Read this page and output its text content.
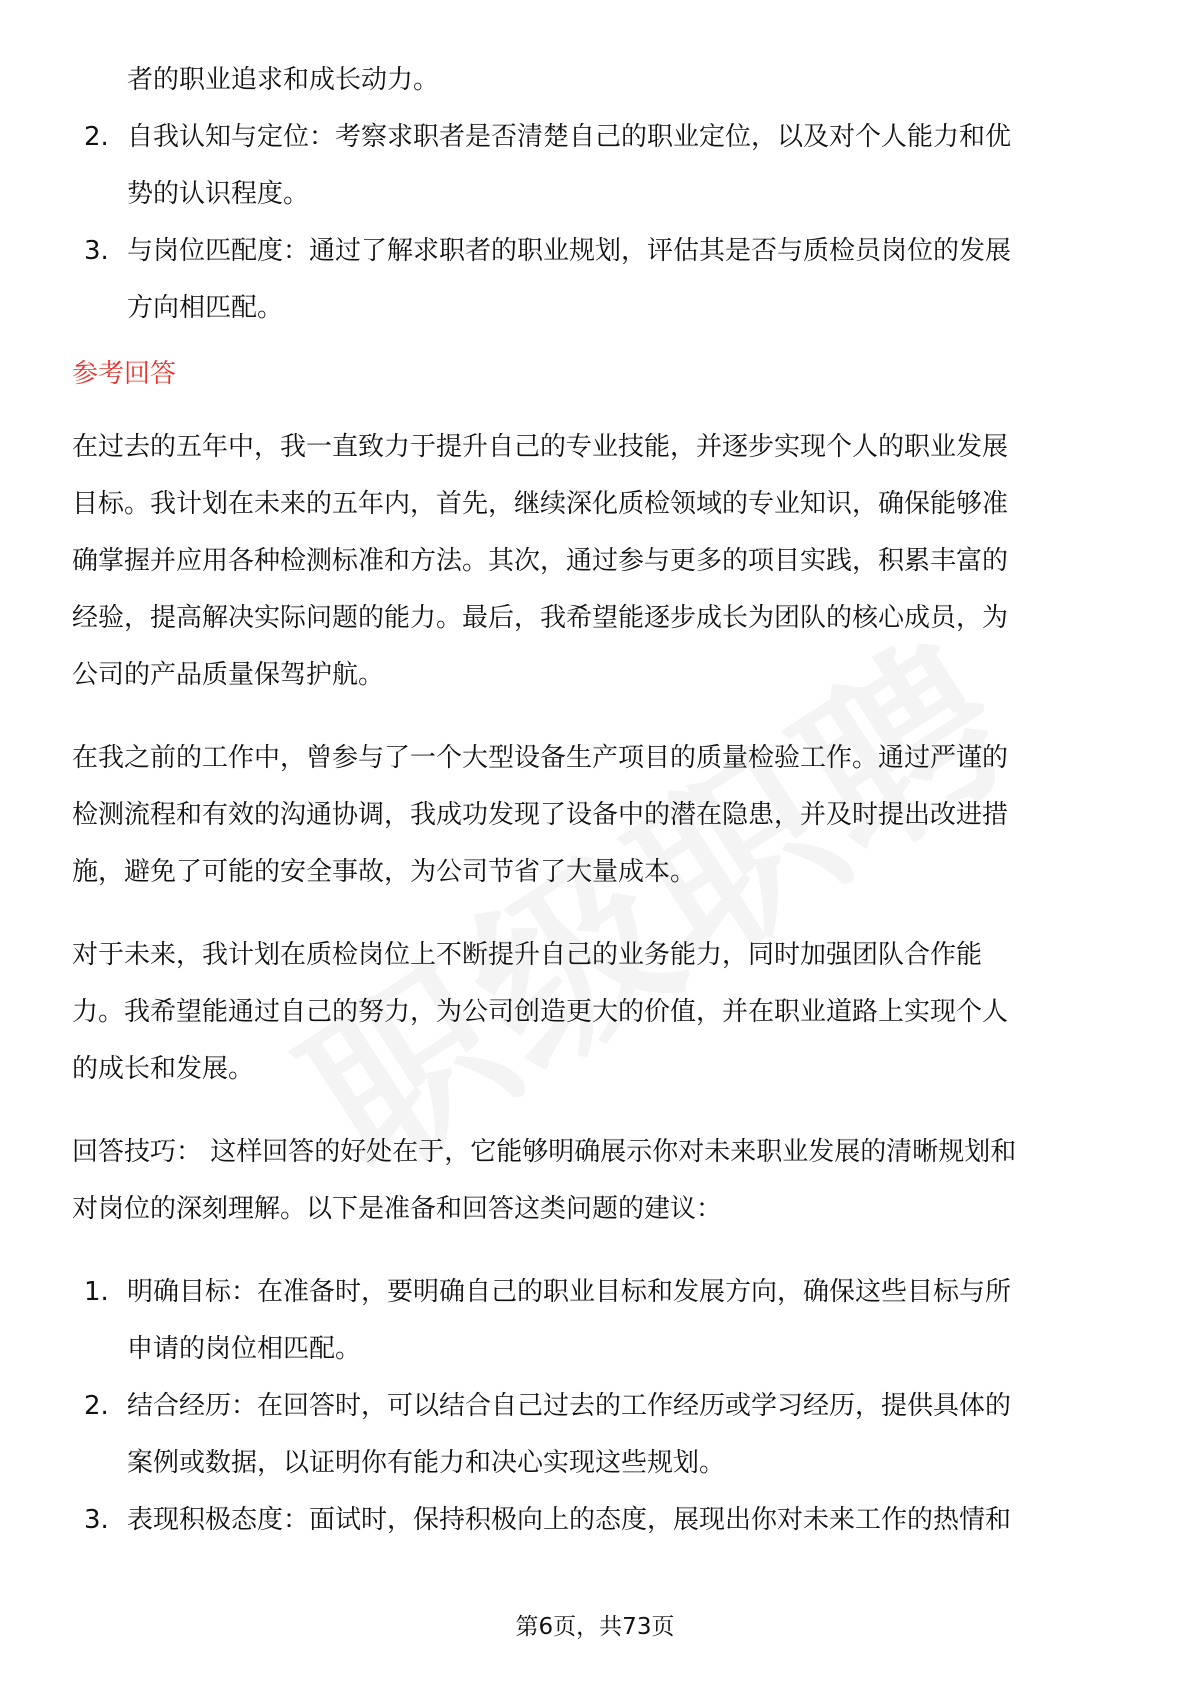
者的职业追求和成长动力。
2. 自我认知与定位：考察求职者是否清楚自己的职业定位，以及对个人能力和优
势的认识程度。
3. 与岗位匹配度：通过了解求职者的职业规划，评估其是否与质检员岗位的发展
方向相匹配。
参考回答
在过去的五年中，我一直致力于提升自己的专业技能，并逐步实现个人的职业发展
目标。我计划在未来的五年内，首先，继续深化质检领域的专业知识，确保能够准
确掌握并应用各种检测标准和方法。其次，通过参与更多的项目实践，积累丰富的
经验，提高解决实际问题的能力。最后，我希望能逐步成长为团队的核心成员，为
公司的产品质量保驾护航。
在我之前的工作中，曾参与了一个大型设备生产项目的质量检验工作。通过严谨的
检测流程和有效的沟通协调，我成功发现了设备中的潜在隐患，并及时提出改进措
施，避免了可能的安全事故，为公司节省了大量成本。
对于未来，我计划在质检岗位上不断提升自己的业务能力，同时加强团队合作能
力。我希望能通过自己的努力，为公司创造更大的价值，并在职业道路上实现个人
的成长和发展。
回答技巧： 这样回答的好处在于，它能够明确展示你对未来职业发展的清晰规划和
对岗位的深刻理解。以下是准备和回答这类问题的建议：
1. 明确目标：在准备时，要明确自己的职业目标和发展方向，确保这些目标与所
申请的岗位相匹配。
2. 结合经历：在回答时，可以结合自己过去的工作经历或学习经历，提供具体的
案例或数据，以证明你有能力和决心实现这些规划。
3. 表现积极态度：面试时，保持积极向上的态度，展现出你对未来工作的热情和
第6页，共73页
